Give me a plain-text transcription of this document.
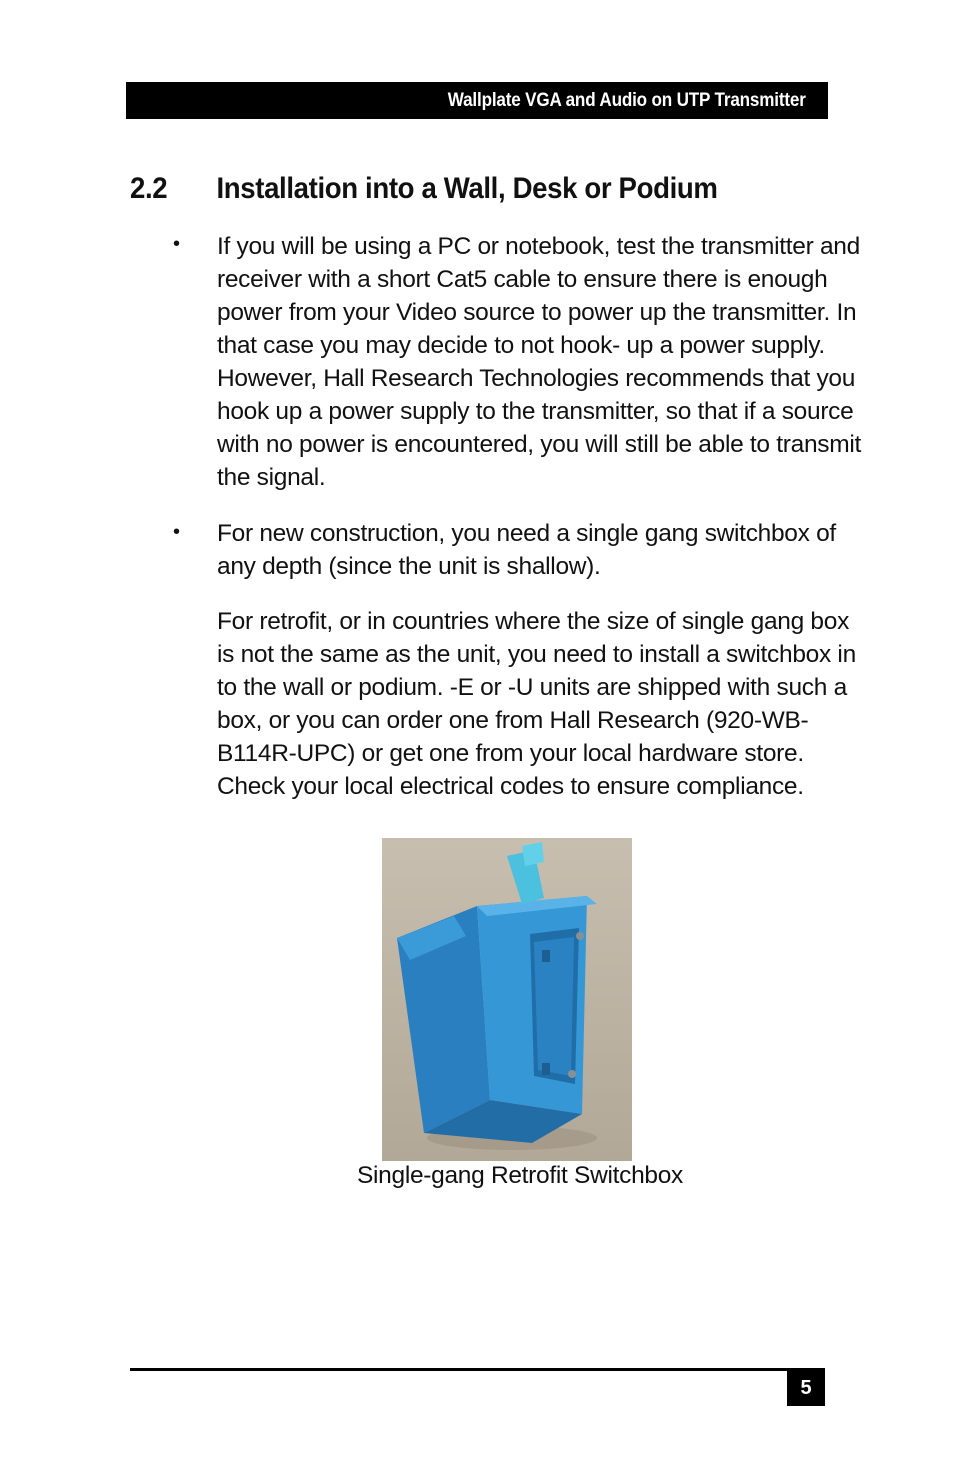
Wallplate VGA and Audio on UTP Transmitter
2.2 Installation into a Wall, Desk or Podium
• If you will be using a PC or notebook, test the transmitter and
receiver with a short Cat5 cable to ensure there is enough
power from your Video source to power up the transmitter. In
that case you may decide to not hook- up a power supply.
However, Hall Research Technologies recommends that you
hook up a power supply to the transmitter, so that if a source
with no power is encountered, you will still be able to transmit
the signal.
• For new construction, you need a single gang switchbox of
any depth (since the unit is shallow).
For retrofit, or in countries where the size of single gang box
is not the same as the unit, you need to install a switchbox in
to the wall or podium. -E or -U units are shipped with such a
box, or you can order one from Hall Research (920-WB-
B114R-UPC) or get one from your local hardware store.
Check your local electrical codes to ensure compliance.
Single-gang Retrofit Switchbox
5
